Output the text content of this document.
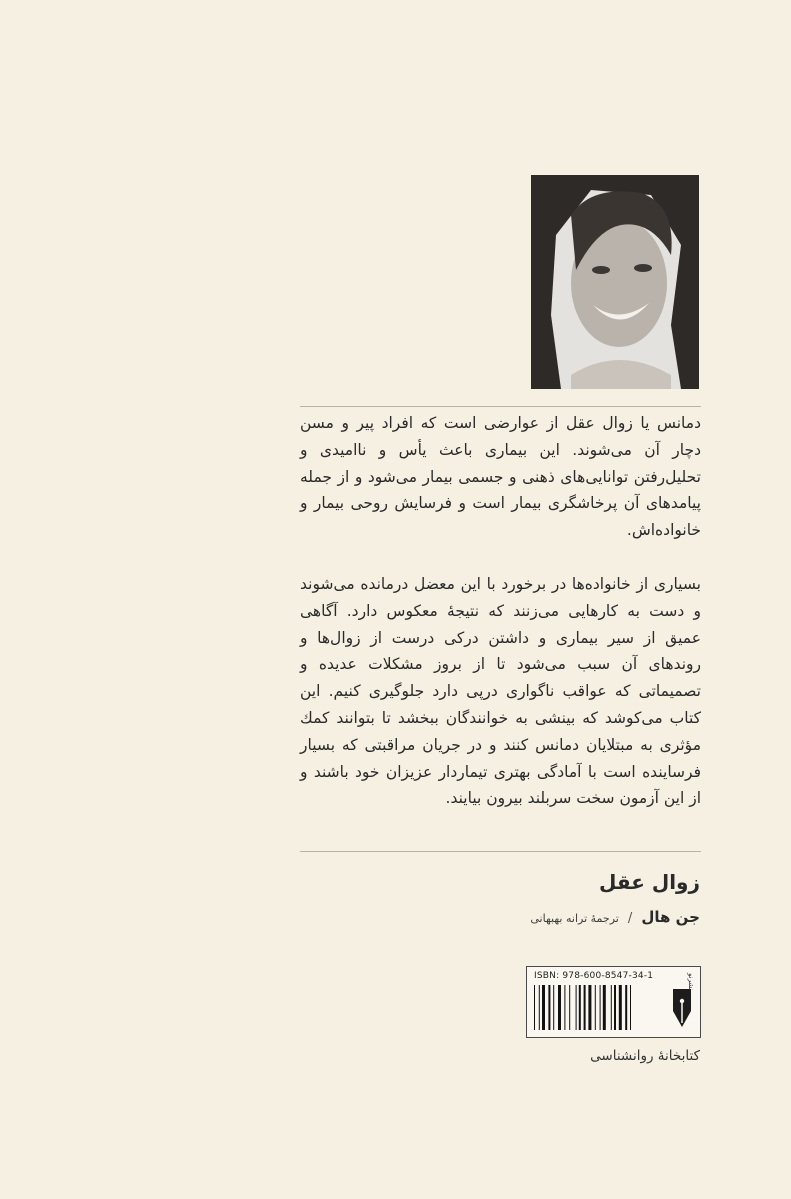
دمانس یا زوال عقل از عوارضی است که افراد پیر و مسن دچار آن می‌شوند. این بیماری باعث یأس و ناامیدی و تحلیل‌رفتن توانایی‌های ذهنی و جسمی بیمار می‌شود و از جمله پیامدهای آن پرخاشگری بیمار است و فرسایش روحی بیمار و خانواده‌اش.

بسیاری از خانواده‌ها در برخورد با این معضل درمانده می‌شوند و دست به کارهایی می‌زنند که نتیجهٔ معکوس دارد. آگاهی عمیق از سیر بیماری و داشتن درکی درست از زوال‌ها و روندهای آن سبب می‌شود تا از بروز مشکلات عدیده و تصمیماتی که عواقب ناگواری درپی دارد جلوگیری کنیم. این کتاب می‌کوشد که بینشی به خوانندگان ببخشد تا بتوانند کمك مؤثری به مبتلایان دمانس کنند و در جریان مراقبتی که بسیار فرساینده است با آمادگی بهتری تیماردار عزیزان خود باشند و از این آزمون سخت سربلند بیرون بیایند.

زوال عقل
جن هال / ترجمهٔ ترانه بهبهانی
ISBN: 978-600-8547-34-1	نشرنو
کتابخانهٔ روانشناسی
